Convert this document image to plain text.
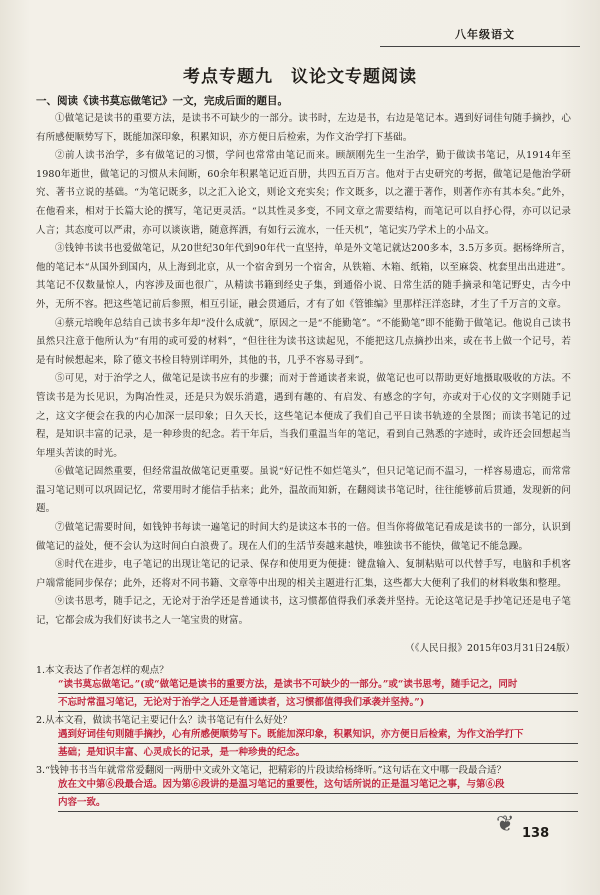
八年级语文
考点专题九　议论文专题阅读
一、阅读《读书莫忘做笔记》一文，完成后面的题目。

①做笔记是读书的重要方法，是读书不可缺少的一部分。读书时，左边是书，右边是笔记本。遇到好词佳句随手摘抄，心有所感便顺势写下，既能加深印象，积累知识，亦方便日后检索，为作文治学打下基础。

②前人读书治学，多有做笔记的习惯，学问也常常由笔记而来。顾颉刚先生一生治学，勤于做读书笔记，从1914年至1980年逝世，做笔记的习惯从未间断，60余年积累笔记近百册，共四五百万言。他对于古史研究的考据，做笔记是他治学研究、著书立说的基础。“为笔记既多，以之汇入论文，则论文充实矣；作文既多，以之灌于著作，则著作亦有其本矣。”此外，在他看来，相对于长篇大论的撰写，笔记更灵活。“以其性灵多变，不同文章之需要结构，而笔记可以自抒心得，亦可以记录人言；其态度可以严肃，亦可以谈诙谐，随意挥洒，有如行云流水，一任天机”，笔记实乃学术上的小品文。

③钱钟书读书也爱做笔记，从20世纪30年代到90年代一直坚持，单是外文笔记就达200多本，3.5万多页。据杨绛所言，他的笔记本“从国外到国内，从上海到北京，从一个宿舍到另一个宿舍，从铁箱、木箱、纸箱，以至麻袋、枕套里出出进进”。其笔记不仅数量惊人，内容涉及面也很广，从精读书籍到经史子集，到通俗小说、日常生活的随手摘录和笔记野史，古今中外，无所不容。把这些笔记前后参照，相互引证，融会贯通后，才有了如《管锥编》里那样汪洋恣肆，才生了千万言的文章。

④蔡元培晚年总结自己读书多年却“没什么成就”，原因之一是“不能勤笔”。“不能勤笔”即不能勤于做笔记。他说自己读书虽然只注意于他所认为“有用的或可爱的材料”，“但往往为读书这读起见，不能把这几点摘抄出来，或在书上做一个记号，若是有时候想起来，除了德文书检目特别详明外，其他的书，几乎不容易寻到”。

⑤可见，对于治学之人，做笔记是读书应有的步骤；而对于普通读者来说，做笔记也可以帮助更好地摄取吸收的方法。不管读书是为长见识，为陶冶性灵，还是只为娱乐消遣，遇到有趣的、有启发、有感念的字句，亦或对于心仪的文字则随手记之，这文字便会在我的内心加深一层印象；日久天长，这些笔记本便成了我们自己平日读书轨迹的全景图；而读书笔记的过程，是知识丰富的记录，是一种珍贵的纪念。若干年后，当我们重温当年的笔记，看到自己熟悉的字迹时，或许还会回想起当年埋头苦读的时光。

⑥做笔记固然重要，但经常温故做笔记更重要。虽说“好记性不如烂笔头”，但只记笔记而不温习，一样容易遗忘，而常常温习笔记则可以巩固记忆，常要用时才能信手拈来；此外，温故而知新，在翻阅读书笔记时，往往能够前后贯通，发现新的问题。

⑦做笔记需要时间，如钱钟书每读一遍笔记的时间大约是读这本书的一倍。但当你将做笔记看成是读书的一部分，认识到做笔记的益处，便不会认为这时间白白浪费了。现在人们的生活节奏越来越快，唯独读书不能快，做笔记不能急躁。

⑧时代在进步，电子笔记的出现让笔记的记录、保存和使用更为便捷：键盘输入、复制粘贴可以代替手写，电脑和手机客户端常能同步保存；此外，还将对不同书籍、文章等中出现的相关主题进行汇集，这些都大大便利了我们的材料收集和整理。

⑨读书思考，随手记之，无论对于治学还是普通读书，这习惯都值得我们承袭并坚持。无论这笔记是手抄笔记还是电子笔记，它都会成为我们好读书之人一笔宝贵的财富。

（《人民日报》2015年03月31日24版）
1.本文表达了作者怎样的观点？
“读书莫忘做笔记。”(或“做笔记是读书的重要方法，是读书不可缺少的一部分。”或“读书思考，随手记之，同时
不忘时常温习笔记，无论对于治学之人还是普通读者，这习惯都值得我们承袭并坚持。”)
2.从本文看，做读书笔记主要记什么？读书笔记有什么好处？
遇到好词佳句则随手摘抄，心有所感便顺势写下。既能加深印象，积累知识，亦方便日后检索，为作文治学打下
基础；是知识丰富、心灵成长的记录，是一种珍贵的纪念。
3.“钱钟书书当年就常常爱翻阅一两册中文或外文笔记，把精彩的片段读给杨绛听。”这句话在文中哪一段最合适？
放在文中第⑥段最合适。因为第⑥段讲的是温习笔记的重要性，这句话所说的正是温习笔记之事，与第⑥段
内容一致。
❦ 138
